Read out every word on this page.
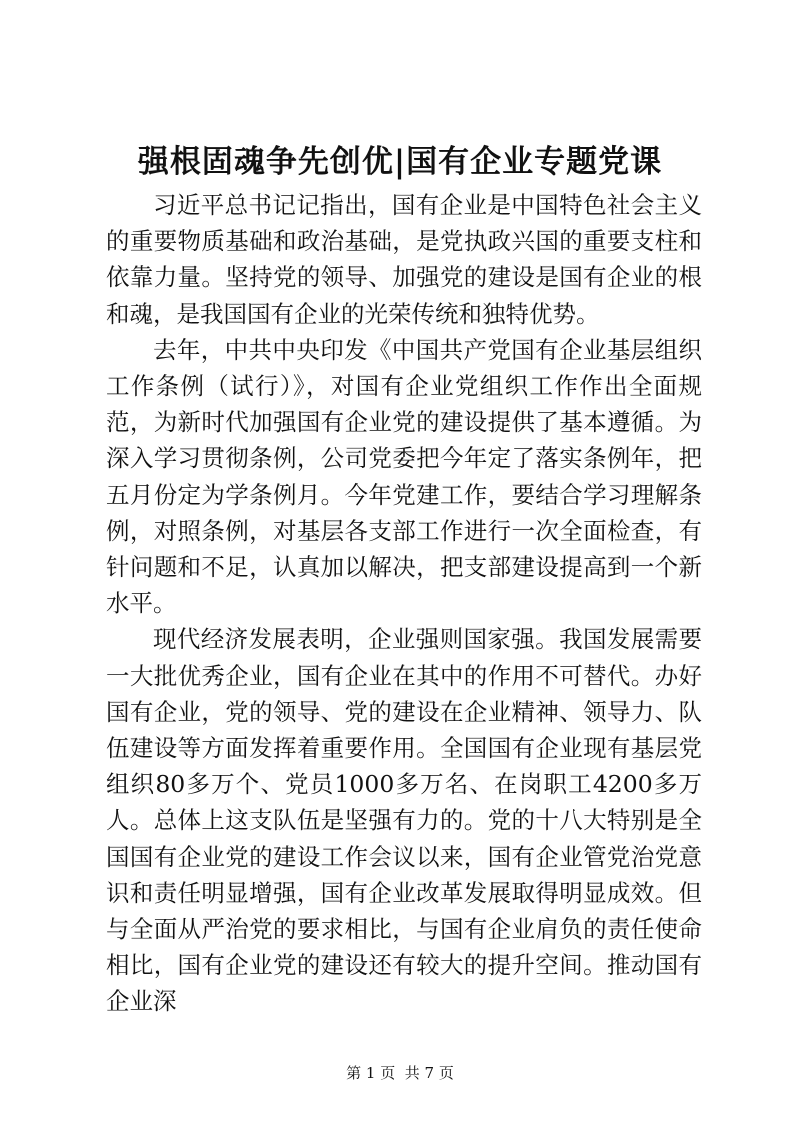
强根固魂争先创优|国有企业专题党课

习近平总书记记指出，国有企业是中国特色社会主义的重要物质基础和政治基础，是党执政兴国的重要支柱和依靠力量。坚持党的领导、加强党的建设是国有企业的根和魂，是我国国有企业的光荣传统和独特优势。

去年，中共中央印发《中国共产党国有企业基层组织工作条例（试行）》，对国有企业党组织工作作出全面规范，为新时代加强国有企业党的建设提供了基本遵循。为深入学习贯彻条例，公司党委把今年定了落实条例年，把五月份定为学条例月。今年党建工作，要结合学习理解条例，对照条例，对基层各支部工作进行一次全面检查，有针问题和不足，认真加以解决，把支部建设提高到一个新水平。

现代经济发展表明，企业强则国家强。我国发展需要一大批优秀企业，国有企业在其中的作用不可替代。办好国有企业，党的领导、党的建设在企业精神、领导力、队伍建设等方面发挥着重要作用。全国国有企业现有基层党组织80多万个、党员1000多万名、在岗职工4200多万人。总体上这支队伍是坚强有力的。党的十八大特别是全国国有企业党的建设工作会议以来，国有企业管党治党意识和责任明显增强，国有企业改革发展取得明显成效。但与全面从严治党的要求相比，与国有企业肩负的责任使命相比，国有企业党的建设还有较大的提升空间。推动国有企业深

第 1 页  共 7 页
